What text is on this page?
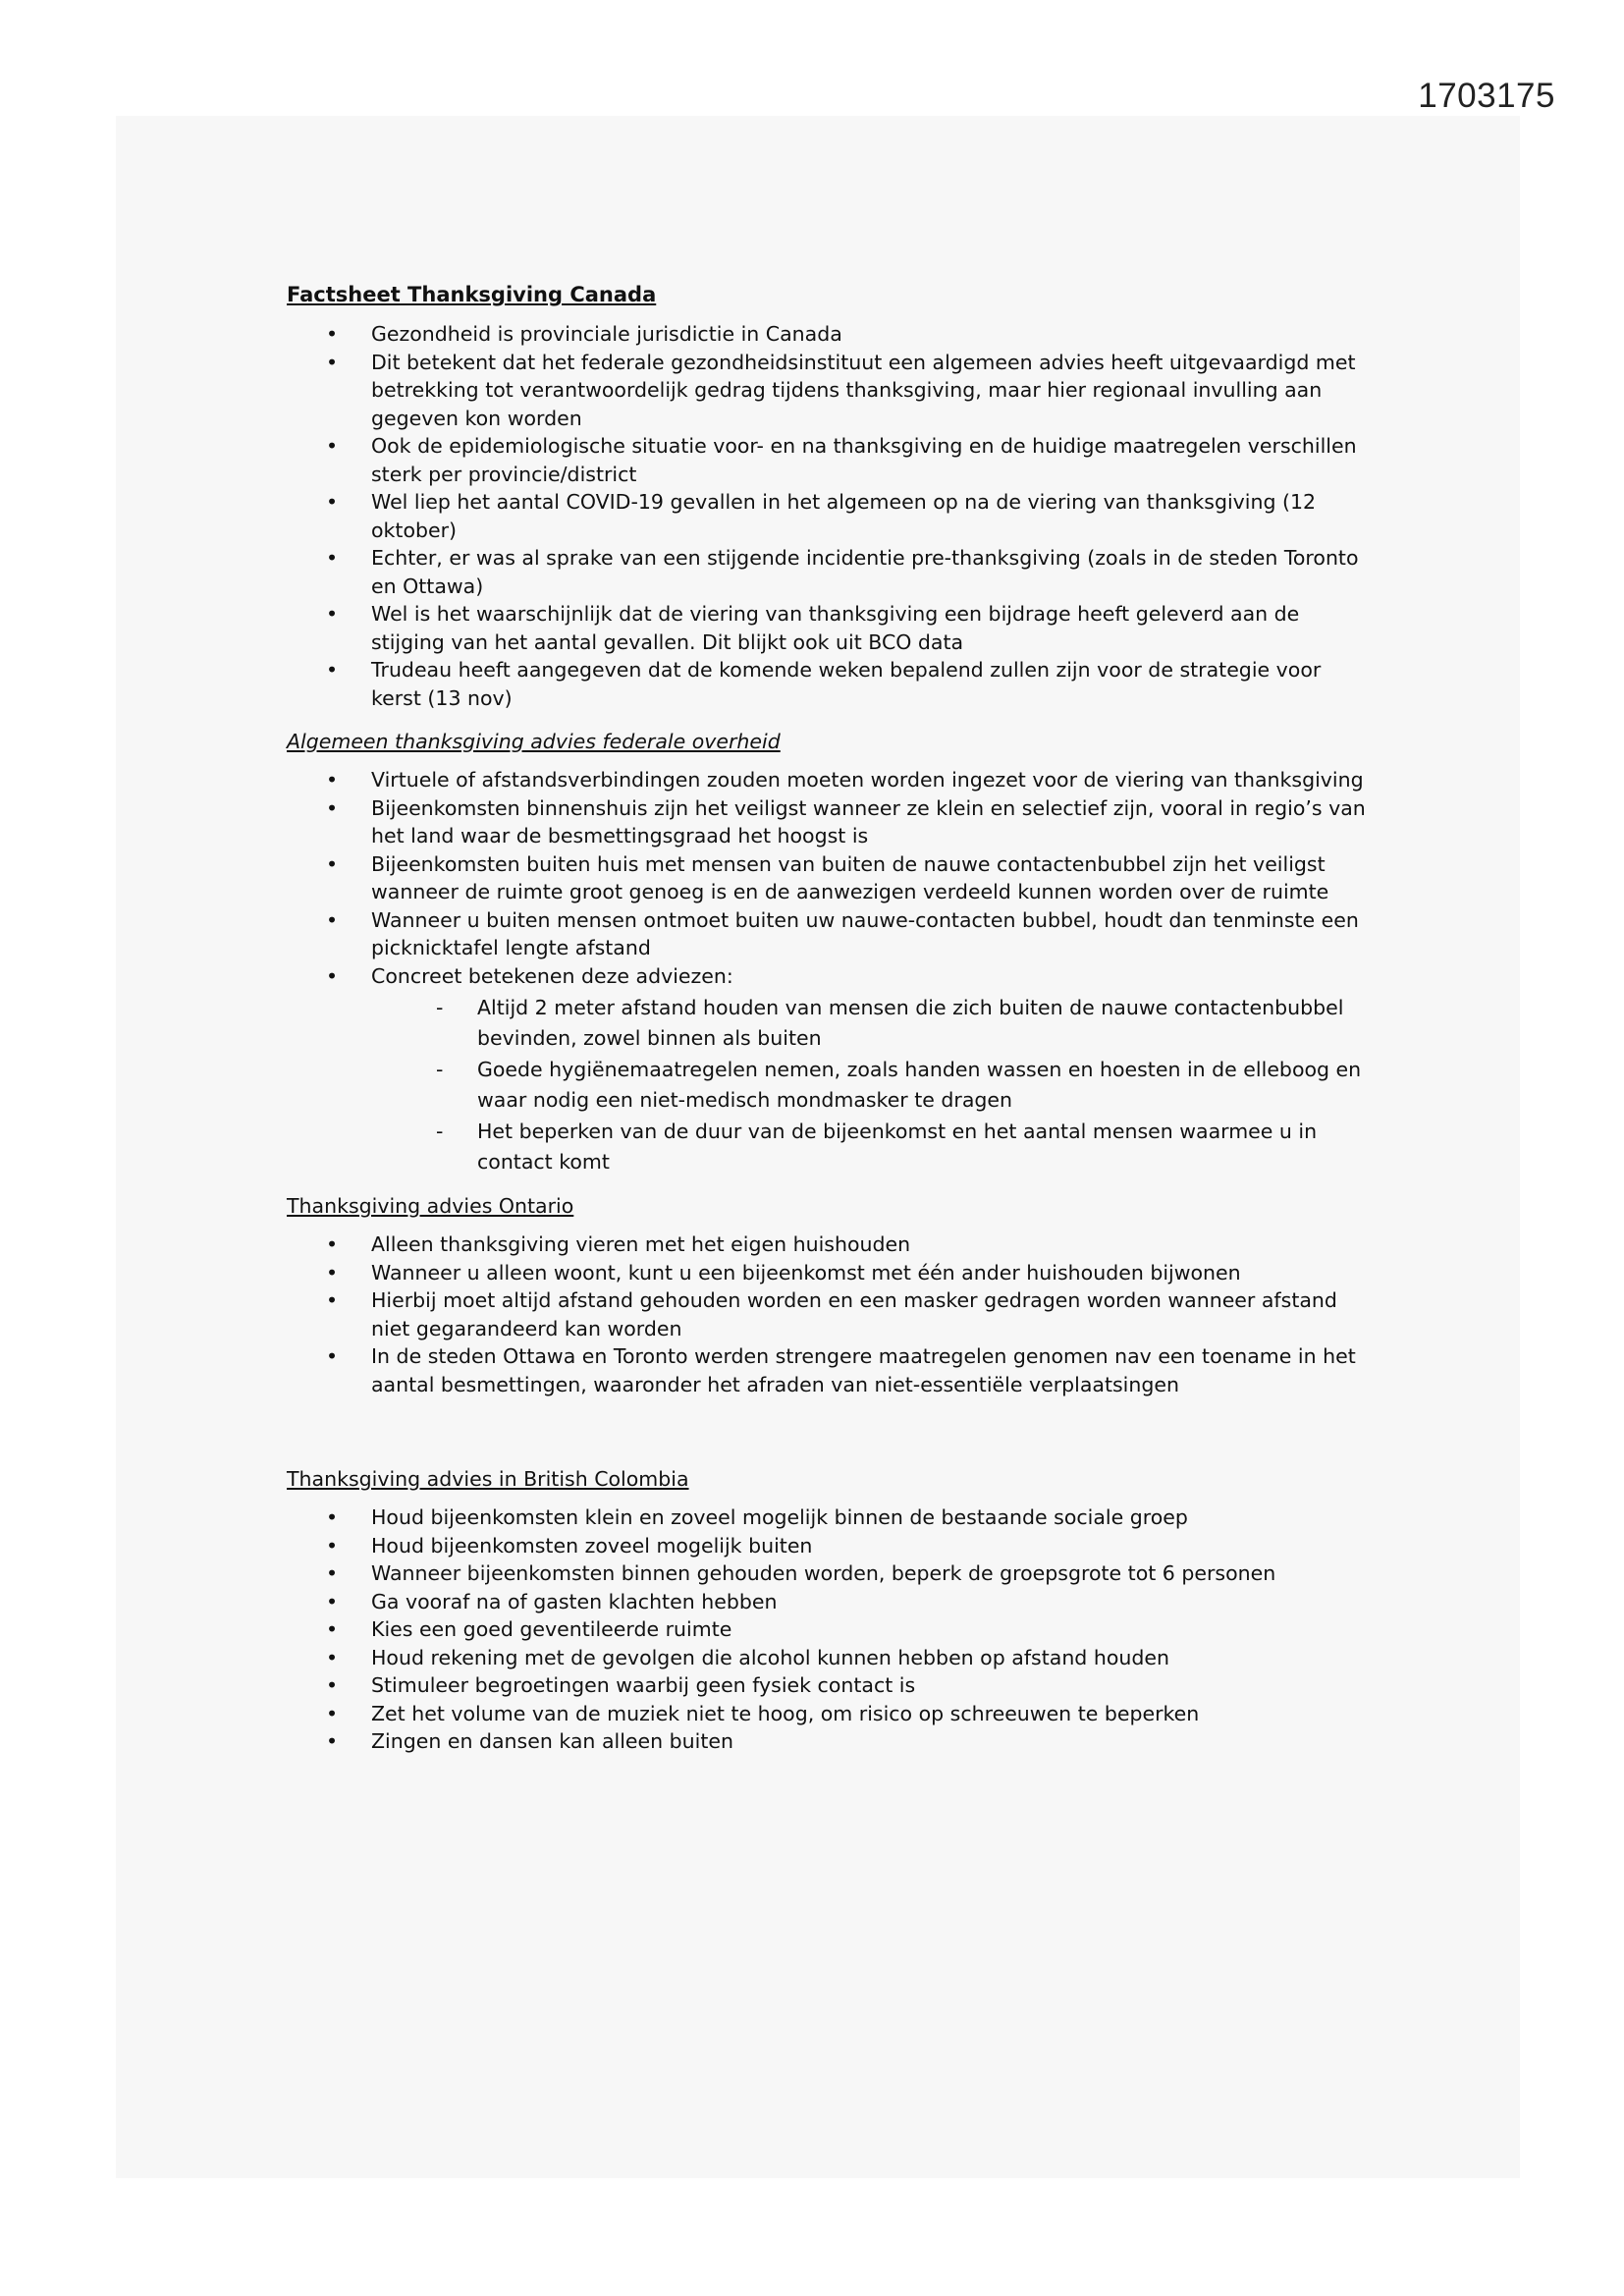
1703175
Factsheet Thanksgiving Canada
• Gezondheid is provinciale jurisdictie in Canada
• Dit betekent dat het federale gezondheidsinstituut een algemeen advies heeft uitgevaardigd met betrekking tot verantwoordelijk gedrag tijdens thanksgiving, maar hier regionaal invulling aan gegeven kon worden
• Ook de epidemiologische situatie voor- en na thanksgiving en de huidige maatregelen verschillen sterk per provincie/district
• Wel liep het aantal COVID-19 gevallen in het algemeen op na de viering van thanksgiving (12 oktober)
• Echter, er was al sprake van een stijgende incidentie pre-thanksgiving (zoals in de steden Toronto en Ottawa)
• Wel is het waarschijnlijk dat de viering van thanksgiving een bijdrage heeft geleverd aan de stijging van het aantal gevallen. Dit blijkt ook uit BCO data
• Trudeau heeft aangegeven dat de komende weken bepalend zullen zijn voor de strategie voor kerst (13 nov)
Algemeen thanksgiving advies federale overheid
• Virtuele of afstandsverbindingen zouden moeten worden ingezet voor de viering van thanksgiving
• Bijeenkomsten binnenshuis zijn het veiligst wanneer ze klein en selectief zijn, vooral in regio’s van het land waar de besmettingsgraad het hoogst is
• Bijeenkomsten buiten huis met mensen van buiten de nauwe contactenbubbel zijn het veiligst wanneer de ruimte groot genoeg is en de aanwezigen verdeeld kunnen worden over de ruimte
• Wanneer u buiten mensen ontmoet buiten uw nauwe-contacten bubbel, houdt dan tenminste een picknicktafel lengte afstand
• Concreet betekenen deze adviezen:
- Altijd 2 meter afstand houden van mensen die zich buiten de nauwe contactenbubbel bevinden, zowel binnen als buiten
- Goede hygiënemaatregelen nemen, zoals handen wassen en hoesten in de elleboog en waar nodig een niet-medisch mondmasker te dragen
- Het beperken van de duur van de bijeenkomst en het aantal mensen waarmee u in contact komt
Thanksgiving advies Ontario
• Alleen thanksgiving vieren met het eigen huishouden
• Wanneer u alleen woont, kunt u een bijeenkomst met één ander huishouden bijwonen
• Hierbij moet altijd afstand gehouden worden en een masker gedragen worden wanneer afstand niet gegarandeerd kan worden
• In de steden Ottawa en Toronto werden strengere maatregelen genomen nav een toename in het aantal besmettingen, waaronder het afraden van niet-essentiële verplaatsingen
Thanksgiving advies in British Colombia
• Houd bijeenkomsten klein en zoveel mogelijk binnen de bestaande sociale groep
• Houd bijeenkomsten zoveel mogelijk buiten
• Wanneer bijeenkomsten binnen gehouden worden, beperk de groepsgrote tot 6 personen
• Ga vooraf na of gasten klachten hebben
• Kies een goed geventileerde ruimte
• Houd rekening met de gevolgen die alcohol kunnen hebben op afstand houden
• Stimuleer begroetingen waarbij geen fysiek contact is
• Zet het volume van de muziek niet te hoog, om risico op schreeuwen te beperken
• Zingen en dansen kan alleen buiten
